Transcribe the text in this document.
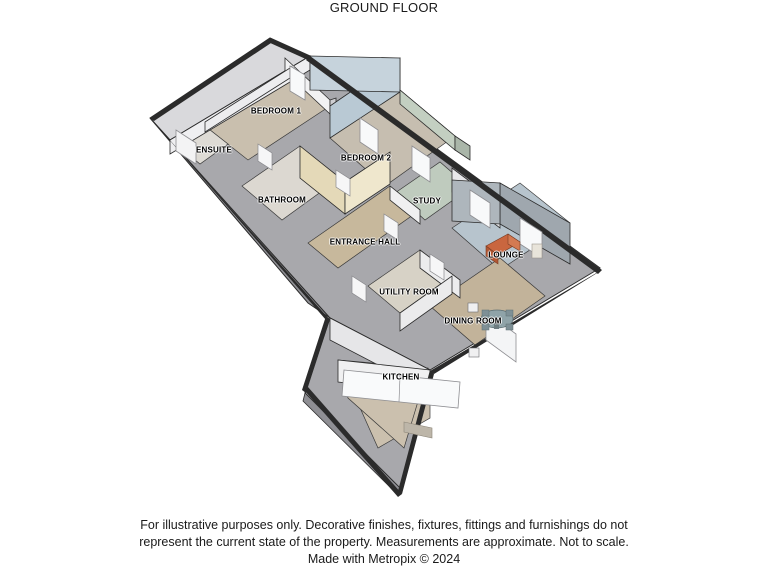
GROUND FLOOR
BEDROOM 1
ENSUITE
BEDROOM 2
BATHROOM	STUDY
ENTRANCE HALL
LOUNGE
UTILITY ROOM
DINING ROOM
KITCHEN
For illustrative purposes only. Decorative finishes, fixtures, fittings and furnishings do not
represent the current state of the property. Measurements are approximate. Not to scale.
Made with Metropix © 2024
